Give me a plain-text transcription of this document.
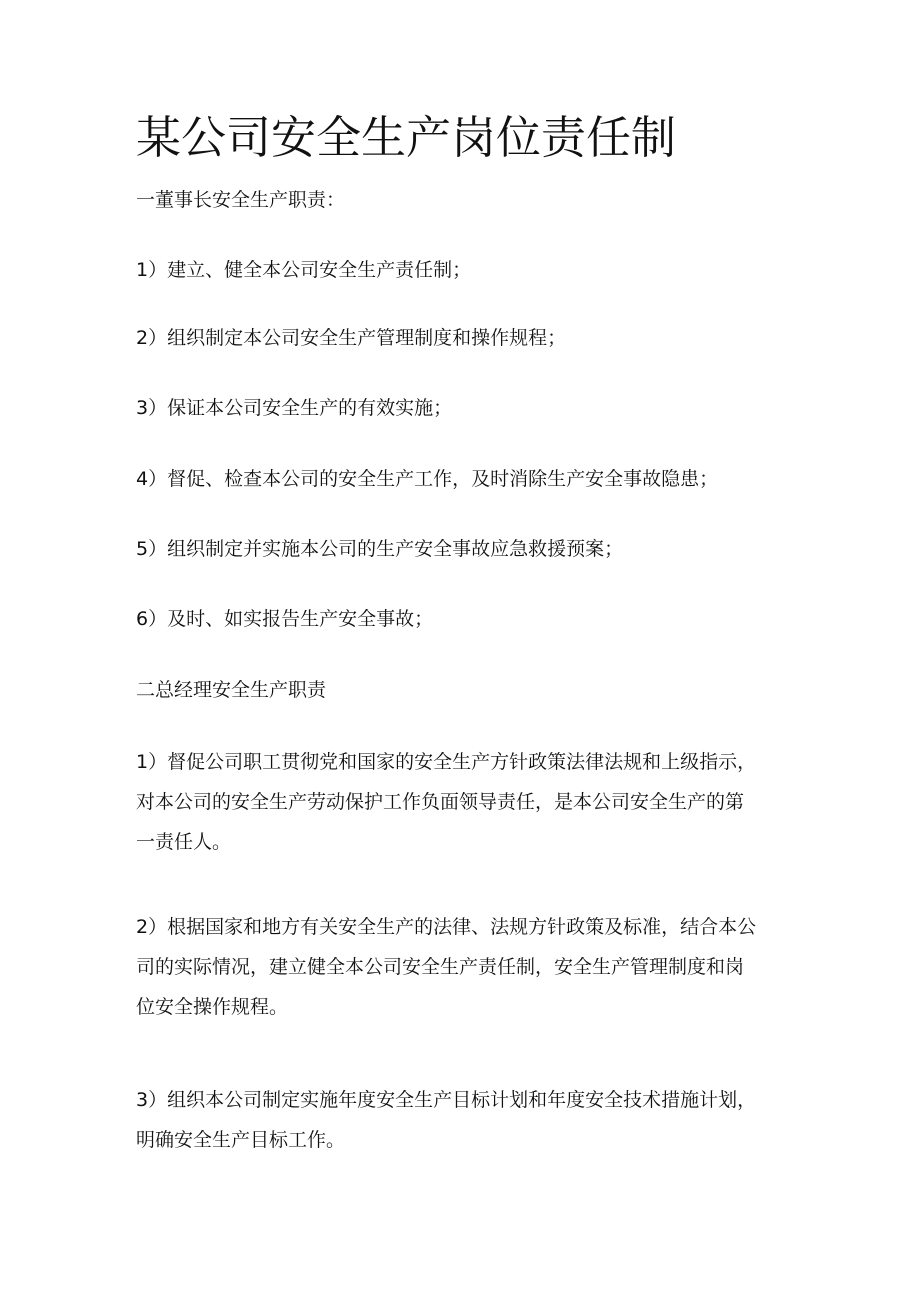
某公司安全生产岗位责任制

一董事长安全生产职责：

1）建立、健全本公司安全生产责任制；

2）组织制定本公司安全生产管理制度和操作规程；

3）保证本公司安全生产的有效实施；

4）督促、检查本公司的安全生产工作，及时消除生产安全事故隐患；

5）组织制定并实施本公司的生产安全事故应急救援预案；

6）及时、如实报告生产安全事故；

二总经理安全生产职责

1）督促公司职工贯彻党和国家的安全生产方针政策法律法规和上级指示，
对本公司的安全生产劳动保护工作负面领导责任，是本公司安全生产的第
一责任人。

2）根据国家和地方有关安全生产的法律、法规方针政策及标准，结合本公
司的实际情况，建立健全本公司安全生产责任制，安全生产管理制度和岗
位安全操作规程。

3）组织本公司制定实施年度安全生产目标计划和年度安全技术措施计划，
明确安全生产目标工作。
